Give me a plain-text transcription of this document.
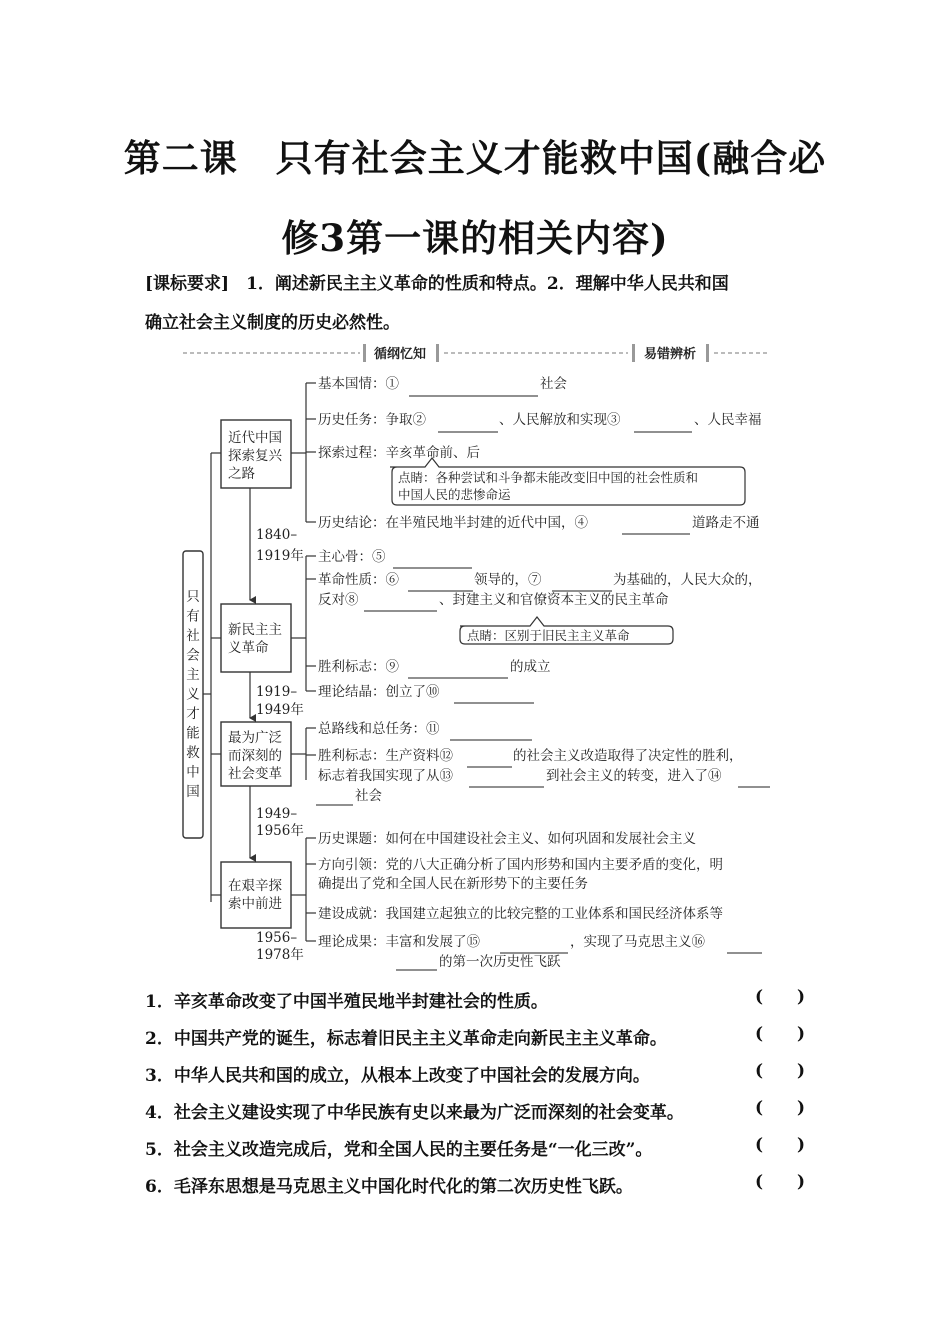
第二课　只有社会主义才能救中国(融合必
修3第一课的相关内容)
[课标要求]　1．阐述新民主主义革命的性质和特点。2．理解中华人民共和国
确立社会主义制度的历史必然性。
循纲忆知	易错辨析
只有社会主义才能救中国
近代中国
探索复兴
之路
新民主主
义革命
最为广泛
而深刻的
社会变革
在艰辛探
索中前进
1840–
1919年
1919–
1949年
1949–
1956年
1956–
1978年
基本国情：①	社会
历史任务：争取②	、人民解放和实现③	、人民幸福
探索过程：辛亥革命前、后
点睛：各种尝试和斗争都未能改变旧中国的社会性质和
中国人民的悲惨命运
历史结论：在半殖民地半封建的近代中国，④	道路走不通
主心骨：⑤
革命性质：⑥	领导的，⑦	为基础的，人民大众的，
反对⑧	、封建主义和官僚资本主义的民主革命
点睛：区别于旧民主主义革命
胜利标志：⑨	的成立
理论结晶：创立了⑩
总路线和总任务：⑪
胜利标志：生产资料⑫	的社会主义改造取得了决定性的胜利，
标志着我国实现了从⑬	到社会主义的转变，进入了⑭
社会
历史课题：如何在中国建设社会主义、如何巩固和发展社会主义
方向引领：党的八大正确分析了国内形势和国内主要矛盾的变化，明
确提出了党和全国人民在新形势下的主要任务
建设成就：我国建立起独立的比较完整的工业体系和国民经济体系等
理论成果：丰富和发展了⑮	，实现了马克思主义⑯
的第一次历史性飞跃
1．辛亥革命改变了中国半殖民地半封建社会的性质。	( )
2．中国共产党的诞生，标志着旧民主主义革命走向新民主主义革命。	( )
3．中华人民共和国的成立，从根本上改变了中国社会的发展方向。	( )
4．社会主义建设实现了中华民族有史以来最为广泛而深刻的社会变革。	( )
5．社会主义改造完成后，党和全国人民的主要任务是“一化三改”。	( )
6．毛泽东思想是马克思主义中国化时代化的第二次历史性飞跃。	( )
